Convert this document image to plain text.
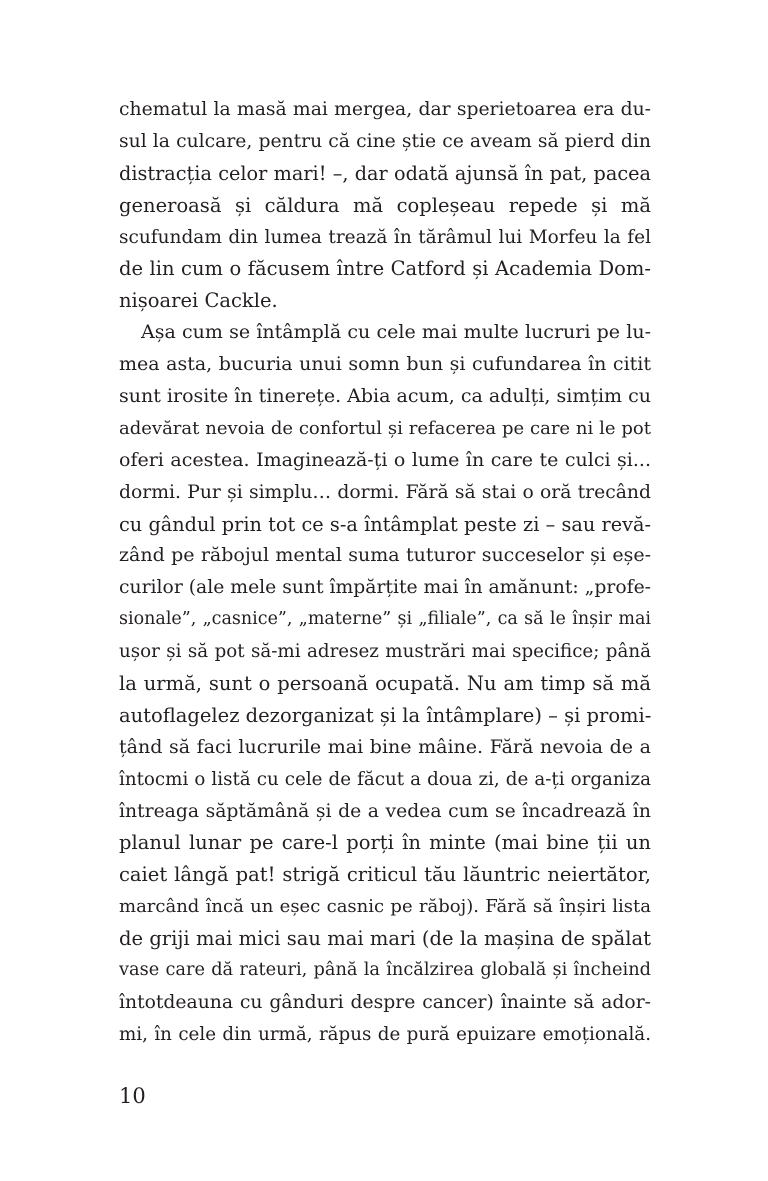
chematul la masă mai mergea, dar sperietoarea era du-
sul la culcare, pentru că cine știe ce aveam să pierd din
distracția celor mari! –, dar odată ajunsă în pat, pacea
generoasă și căldura mă copleșeau repede și mă
scufundam din lumea trează în tărâmul lui Morfeu la fel
de lin cum o făcusem între Catford și Academia Dom-
nișoarei Cackle.
Așa cum se întâmplă cu cele mai multe lucruri pe lu-
mea asta, bucuria unui somn bun și cufundarea în citit
sunt irosite în tinerețe. Abia acum, ca adulți, simțim cu
adevărat nevoia de confortul și refacerea pe care ni le pot
oferi acestea. Imaginează-ți o lume în care te culci și...
dormi. Pur și simplu… dormi. Fără să stai o oră trecând
cu gândul prin tot ce s-a întâmplat peste zi – sau revă-
zând pe răbojul mental suma tuturor succeselor și eșe-
curilor (ale mele sunt împărțite mai în amănunt: „profe-
sionale”, „casnice”, „materne” și „filiale”, ca să le înșir mai
ușor și să pot să-mi adresez mustrări mai specifice; până
la urmă, sunt o persoană ocupată. Nu am timp să mă
autoflagelez dezorganizat și la întâmplare) – și promi-
țând să faci lucrurile mai bine mâine. Fără nevoia de a
întocmi o listă cu cele de făcut a doua zi, de a-ți organiza
întreaga săptămână și de a vedea cum se încadrează în
planul lunar pe care-l porți în minte (mai bine ții un
caiet lângă pat! strigă criticul tău lăuntric neiertător,
marcând încă un eșec casnic pe răboj). Fără să înșiri lista
de griji mai mici sau mai mari (de la mașina de spălat
vase care dă rateuri, până la încălzirea globală și încheind
întotdeauna cu gânduri despre cancer) înainte să ador-
mi, în cele din urmă, răpus de pură epuizare emoțională.
10
